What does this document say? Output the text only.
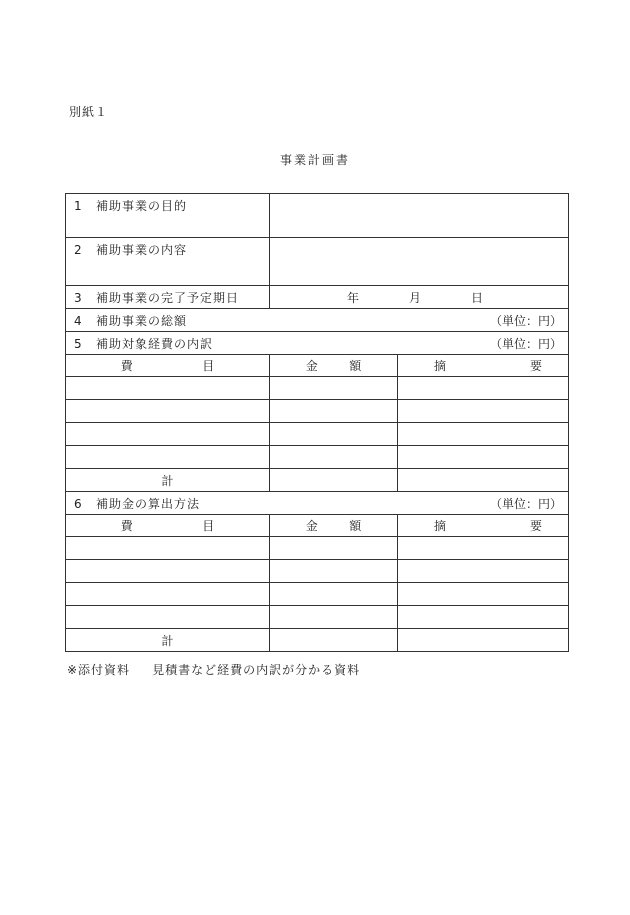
別紙１
事業計画書
1 補助事業の目的		
2 補助事業の内容		
3 補助事業の完了予定期日	年 月 日	

4 補助事業の総額 （単位：円）		

5 補助対象経費の内訳 （単位：円）		

費 目	金 額	摘 要

計		
6 補助金の算出方法 （単位：円）		

費 目	金 額	摘 要

計		
※添付資料 見積書など経費の内訳が分かる資料
